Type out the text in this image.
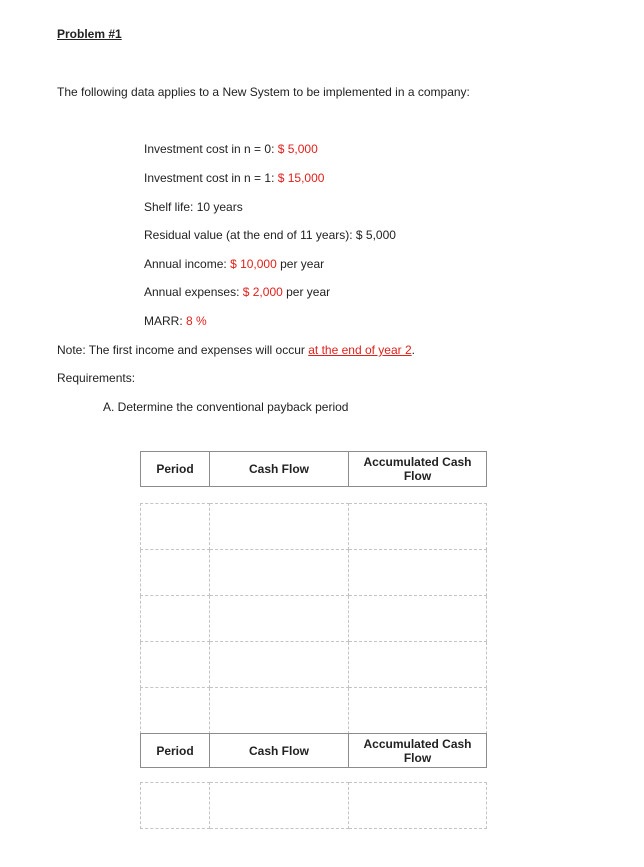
Problem #1
The following data applies to a New System to be implemented in a company:
Investment cost in n = 0: $ 5,000
Investment cost in n = 1: $ 15,000
Shelf life: 10 years
Residual value (at the end of 11 years): $ 5,000
Annual income: $ 10,000 per year
Annual expenses: $ 2,000 per year
MARR: 8 %
Note: The first income and expenses will occur at the end of year 2.
Requirements:
A. Determine the conventional payback period
Period	Cash Flow	Accumulated Cash Flow

Period	Cash Flow	Accumulated Cash Flow
